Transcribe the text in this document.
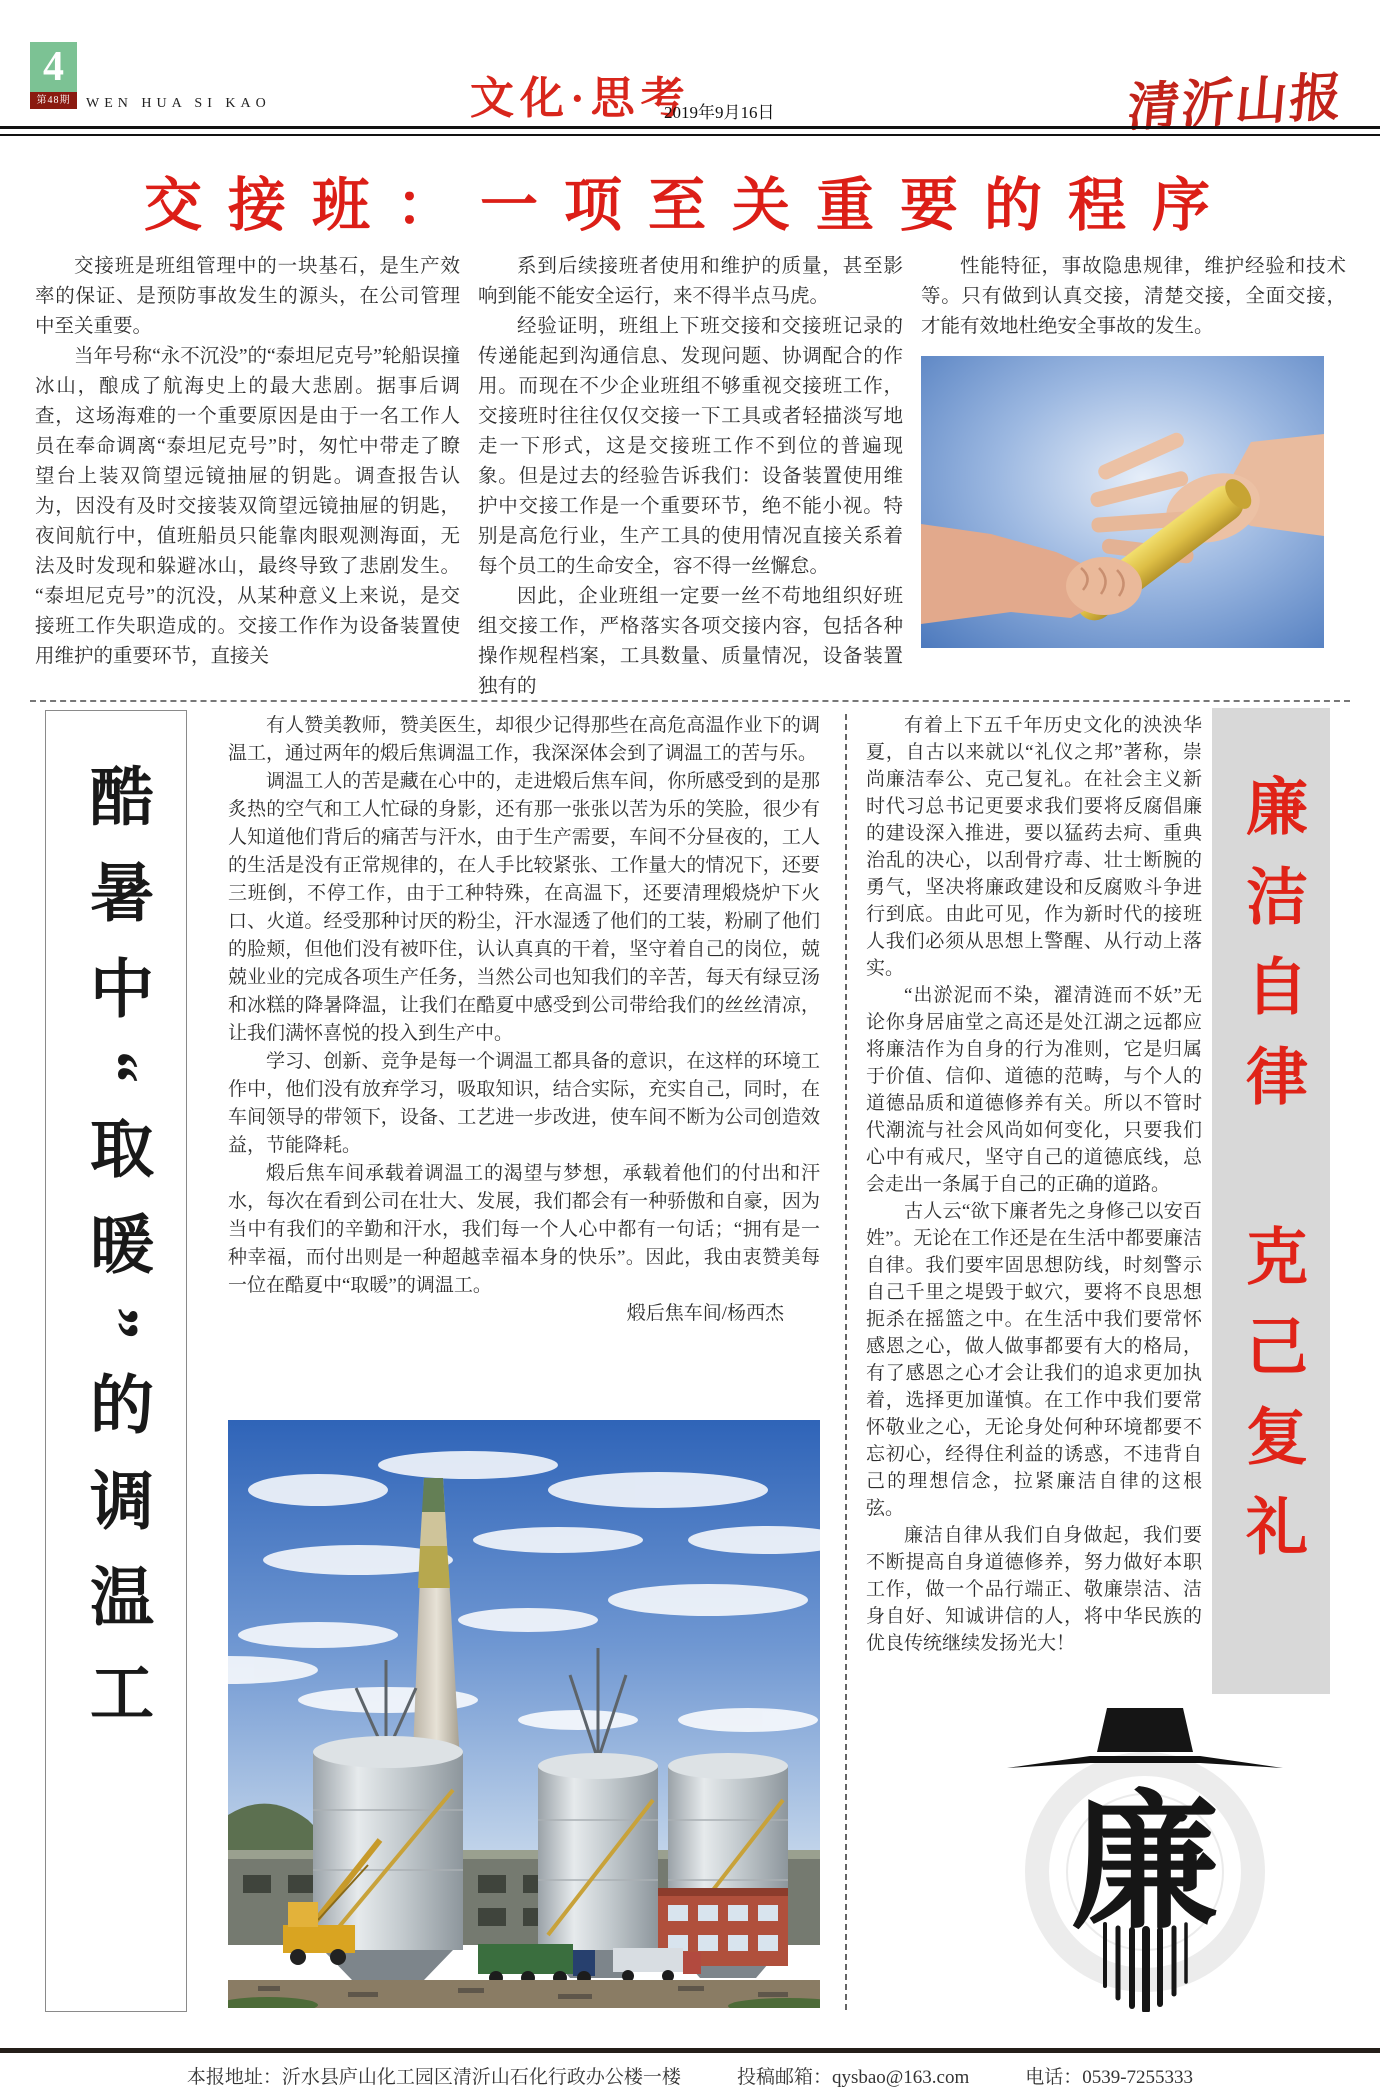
4
第48期	WEN HUA SI KAO	文化·思考
2019年9月16日	清沂山报
交接班：一项至关重要的程序

交接班是班组管理中的一块基石，是生产效率的保证、是预防事故发生的源头，在公司管理中至关重要。

当年号称“永不沉没”的“泰坦尼克号”轮船误撞冰山，酿成了航海史上的最大悲剧。据事后调查，这场海难的一个重要原因是由于一名工作人员在奉命调离“泰坦尼克号”时，匆忙中带走了瞭望台上装双筒望远镜抽屉的钥匙。调查报告认为，因没有及时交接装双筒望远镜抽屉的钥匙，夜间航行中，值班船员只能靠肉眼观测海面，无法及时发现和躲避冰山，最终导致了悲剧发生。“泰坦尼克号”的沉没，从某种意义上来说，是交接班工作失职造成的。交接工作作为设备装置使用维护的重要环节，直接关

系到后续接班者使用和维护的质量，甚至影响到能不能安全运行，来不得半点马虎。

经验证明，班组上下班交接和交接班记录的传递能起到沟通信息、发现问题、协调配合的作用。而现在不少企业班组不够重视交接班工作，交接班时往往仅仅交接一下工具或者轻描淡写地走一下形式，这是交接班工作不到位的普遍现象。但是过去的经验告诉我们：设备装置使用维护中交接工作是一个重要环节，绝不能小视。特别是高危行业，生产工具的使用情况直接关系着每个员工的生命安全，容不得一丝懈怠。

因此，企业班组一定要一丝不苟地组织好班组交接工作，严格落实各项交接内容，包括各种操作规程档案，工具数量、质量情况，设备装置独有的

性能特征，事故隐患规律，维护经验和技术等。只有做到认真交接，清楚交接，全面交接，才能有效地杜绝安全事故的发生。

酷暑中“取暖”的调温工

有人赞美教师，赞美医生，却很少记得那些在高危高温作业下的调温工，通过两年的煅后焦调温工作，我深深体会到了调温工的苦与乐。

调温工人的苦是藏在心中的，走进煅后焦车间，你所感受到的是那炙热的空气和工人忙碌的身影，还有那一张张以苦为乐的笑脸，很少有人知道他们背后的痛苦与汗水，由于生产需要，车间不分昼夜的，工人的生活是没有正常规律的，在人手比较紧张、工作量大的情况下，还要三班倒，不停工作，由于工种特殊，在高温下，还要清理煅烧炉下火口、火道。经受那种讨厌的粉尘，汗水湿透了他们的工装，粉刷了他们的脸颊，但他们没有被吓住，认认真真的干着，坚守着自己的岗位，兢兢业业的完成各项生产任务，当然公司也知我们的辛苦，每天有绿豆汤和冰糕的降暑降温，让我们在酷夏中感受到公司带给我们的丝丝清凉，让我们满怀喜悦的投入到生产中。

学习、创新、竞争是每一个调温工都具备的意识，在这样的环境工作中，他们没有放弃学习，吸取知识，结合实际，充实自己，同时，在车间领导的带领下，设备、工艺进一步改进，使车间不断为公司创造效益，节能降耗。

煅后焦车间承载着调温工的渴望与梦想，承载着他们的付出和汗水，每次在看到公司在壮大、发展，我们都会有一种骄傲和自豪，因为当中有我们的辛勤和汗水，我们每一个人心中都有一句话；“拥有是一种幸福，而付出则是一种超越幸福本身的快乐”。因此，我由衷赞美每一位在酷夏中“取暖”的调温工。

煅后焦车间/杨西杰

有着上下五千年历史文化的泱泱华夏，自古以来就以“礼仪之邦”著称，崇尚廉洁奉公、克己复礼。在社会主义新时代习总书记更要求我们要将反腐倡廉的建设深入推进，要以猛药去疴、重典治乱的决心，以刮骨疗毒、壮士断腕的勇气，坚决将廉政建设和反腐败斗争进行到底。由此可见，作为新时代的接班人我们必须从思想上警醒、从行动上落实。

“出淤泥而不染，濯清涟而不妖”无论你身居庙堂之高还是处江湖之远都应将廉洁作为自身的行为准则，它是归属于价值、信仰、道德的范畴，与个人的道德品质和道德修养有关。所以不管时代潮流与社会风尚如何变化，只要我们心中有戒尺，坚守自己的道德底线，总会走出一条属于自己的正确的道路。

古人云“欲下廉者先之身修己以安百姓”。无论在工作还是在生活中都要廉洁自律。我们要牢固思想防线，时刻警示自己千里之堤毁于蚁穴，要将不良思想扼杀在摇篮之中。在生活中我们要常怀感恩之心，做人做事都要有大的格局，有了感恩之心才会让我们的追求更加执着，选择更加谨慎。在工作中我们要常怀敬业之心，无论身处何种环境都要不忘初心，经得住利益的诱惑，不违背自己的理想信念，拉紧廉洁自律的这根弦。

廉洁自律从我们自身做起，我们要不断提高自身道德修养，努力做好本职工作，做一个品行端正、敬廉崇洁、洁身自好、知诚讲信的人，将中华民族的优良传统继续发扬光大！

廉
廉洁自律　克己复礼
本报地址：沂水县庐山化工园区清沂山石化行政办公楼一楼	投稿邮箱：qysbao@163.com	电话：0539-7255333
